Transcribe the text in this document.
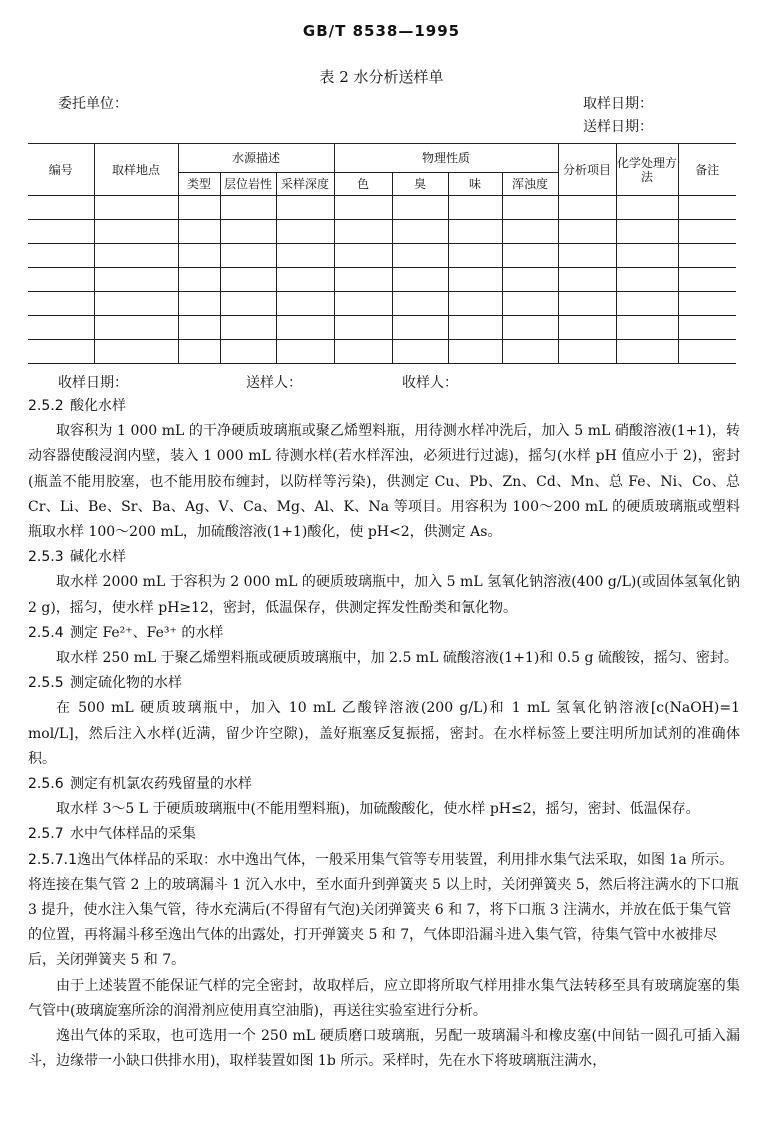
GB/T 8538—1995
表 2 水分析送样单
委托单位：	取样日期：
送样日期：
编号	取样地点	水源描述			物理性质				分析项目	化学处理方法	备注
		类型	层位岩性	采样深度	色	臭	味	浑浊度			

收样日期：	送样人：	收样人：

2.5.2 酸化水样

取容积为 1 000 mL 的干净硬质玻璃瓶或聚乙烯塑料瓶，用待测水样冲洗后，加入 5 mL 硝酸溶液(1+1)，转动容器使酸浸润内壁，装入 1 000 mL 待测水样(若水样浑浊，必须进行过滤)，摇匀(水样 pH 值应小于 2)，密封(瓶盖不能用胶塞，也不能用胶布缠封，以防样等污染)，供测定 Cu、Pb、Zn、Cd、Mn、总 Fe、Ni、Co、总 Cr、Li、Be、Sr、Ba、Ag、V、Ca、Mg、Al、K、Na 等项目。用容积为 100～200 mL 的硬质玻璃瓶或塑料瓶取水样 100～200 mL，加硫酸溶液(1+1)酸化，使 pH<2，供测定 As。

2.5.3 碱化水样

取水样 2000 mL 于容积为 2 000 mL 的硬质玻璃瓶中，加入 5 mL 氢氧化钠溶液(400 g/L)(或固体氢氧化钠 2 g)，摇匀，使水样 pH≥12，密封，低温保存，供测定挥发性酚类和氰化物。

2.5.4 测定 Fe²⁺、Fe³⁺ 的水样

取水样 250 mL 于聚乙烯塑料瓶或硬质玻璃瓶中，加 2.5 mL 硫酸溶液(1+1)和 0.5 g 硫酸铵，摇匀、密封。

2.5.5 测定硫化物的水样

在 500 mL 硬质玻璃瓶中，加入 10 mL 乙酸锌溶液(200 g/L)和 1 mL 氢氧化钠溶液[c(NaOH)=1 mol/L]，然后注入水样(近满，留少许空隙)，盖好瓶塞反复振摇，密封。在水样标签上要注明所加试剂的准确体积。

2.5.6 测定有机氯农药残留量的水样

取水样 3～5 L 于硬质玻璃瓶中(不能用塑料瓶)，加硫酸酸化，使水样 pH≤2，摇匀，密封、低温保存。

2.5.7 水中气体样品的采集

2.5.7.1逸出气体样品的采取：水中逸出气体，一般采用集气管等专用装置，利用排水集气法采取，如图 1a 所示。将连接在集气管 2 上的玻璃漏斗 1 沉入水中，至水面升到弹簧夹 5 以上时，关闭弹簧夹 5，然后将注满水的下口瓶 3 提升，使水注入集气管，待水充满后(不得留有气泡)关闭弹簧夹 6 和 7，将下口瓶 3 注满水，并放在低于集气管的位置，再将漏斗移至逸出气体的出露处，打开弹簧夹 5 和 7，气体即沿漏斗进入集气管，待集气管中水被排尽后，关闭弹簧夹 5 和 7。

由于上述装置不能保证气样的完全密封，故取样后，应立即将所取气样用排水集气法转移至具有玻璃旋塞的集气管中(玻璃旋塞所涂的润滑剂应使用真空油脂)，再送往实验室进行分析。

逸出气体的采取，也可选用一个 250 mL 硬质磨口玻璃瓶，另配一玻璃漏斗和橡皮塞(中间钻一圆孔可插入漏斗，边缘带一小缺口供排水用)，取样装置如图 1b 所示。采样时，先在水下将玻璃瓶注满水，
